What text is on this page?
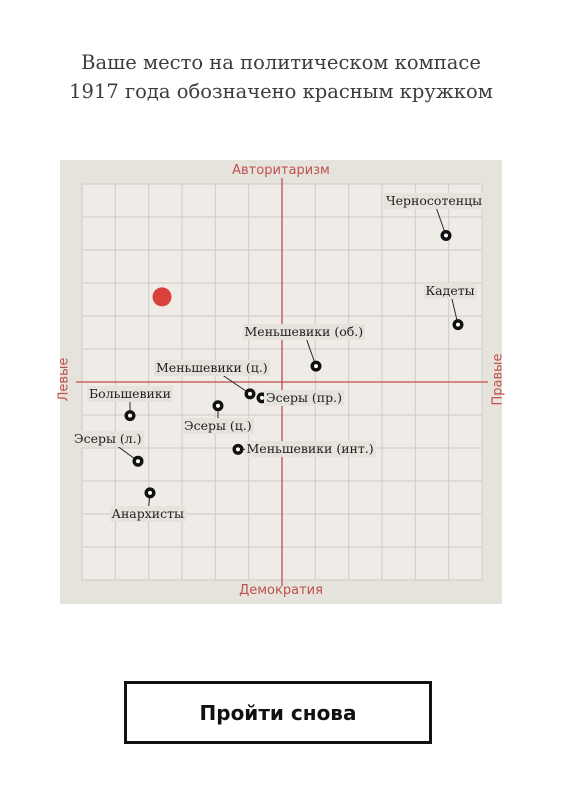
Ваше место на политическом компасе
1917 года обозначено красным кружком
Авторитаризм
Демократия
Левые	Правые
Черносотенцы
Кадеты
Меньшевики (об.)
Меньшевики (ц.)
Эсеры (пр.)
Большевики
Эсеры (ц.)
Меньшевики (инт.)
Эсеры (л.)
Анархисты
Пройти снова
